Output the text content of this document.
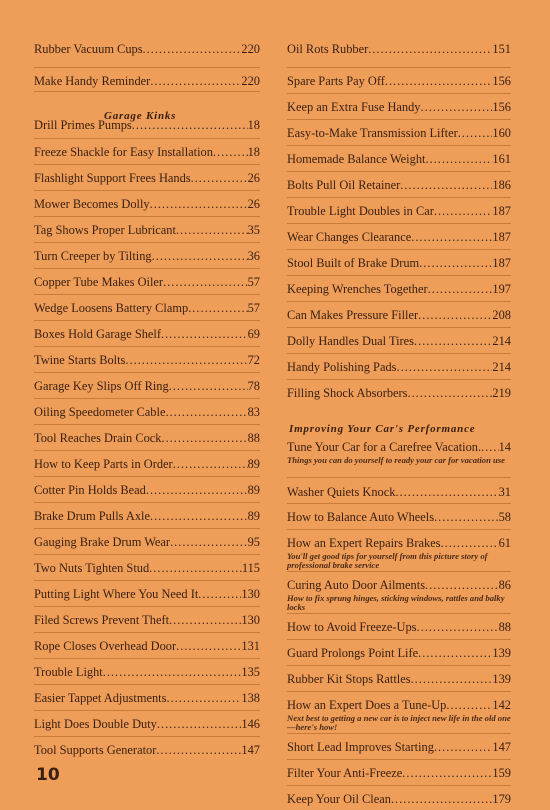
Rubber Vacuum Cups .....	220
Make Handy Reminder .....	220
Garage Kinks
Drill Primes Pumps .....	18
Freeze Shackle for Easy Installation .....	18
Flashlight Support Frees Hands .....	26
Mower Becomes Dolly .....	26
Tag Shows Proper Lubricant .....	35
Turn Creeper by Tilting .....	36
Copper Tube Makes Oiler .....	57
Wedge Loosens Battery Clamp .....	57
Boxes Hold Garage Shelf .....	69
Twine Starts Bolts .....	72
Garage Key Slips Off Ring .....	78
Oiling Speedometer Cable .....	83
Tool Reaches Drain Cock .....	88
How to Keep Parts in Order .....	89
Cotter Pin Holds Bead .....	89
Brake Drum Pulls Axle .....	89
Gauging Brake Drum Wear .....	95
Two Nuts Tighten Stud .....	115
Putting Light Where You Need It .....	130
Filed Screws Prevent Theft .....	130
Rope Closes Overhead Door .....	131
Trouble Light .....	135
Easier Tappet Adjustments .....	138
Light Does Double Duty .....	146
Tool Supports Generator .....	147
Oil Rots Rubber .....	151
Spare Parts Pay Off .....	156
Keep an Extra Fuse Handy .....	156
Easy-to-Make Transmission Lifter .....	160
Homemade Balance Weight .....	161
Bolts Pull Oil Retainer .....	186
Trouble Light Doubles in Car .....	187
Wear Changes Clearance .....	187
Stool Built of Brake Drum .....	187
Keeping Wrenches Together .....	197
Can Makes Pressure Filler .....	208
Dolly Handles Dual Tires .....	214
Handy Polishing Pads .....	214
Filling Shock Absorbers .....	219
Improving Your Car's Performance
Tune Your Car for a Carefree Vacation. ..... 14
Things you can do yourself to ready your car for vacation use
Washer Quiets Knock .....	31
How to Balance Auto Wheels .....	58
How an Expert Repairs Brakes .....	61
You'll get good tips for yourself from this picture story of professional brake service
Curing Auto Door Ailments .....	86
How to fix sprung hinges, sticking windows, rattles and balky locks
How to Avoid Freeze-Ups .....	88
Guard Prolongs Point Life .....	139
Rubber Kit Stops Rattles .....	139
How an Expert Does a Tune-Up .....	142
Next best to getting a new car is to inject new life in the old one—here's how!
Short Lead Improves Starting .....	147
Filter Your Anti-Freeze .....	159
Keep Your Oil Clean .....	179
10
